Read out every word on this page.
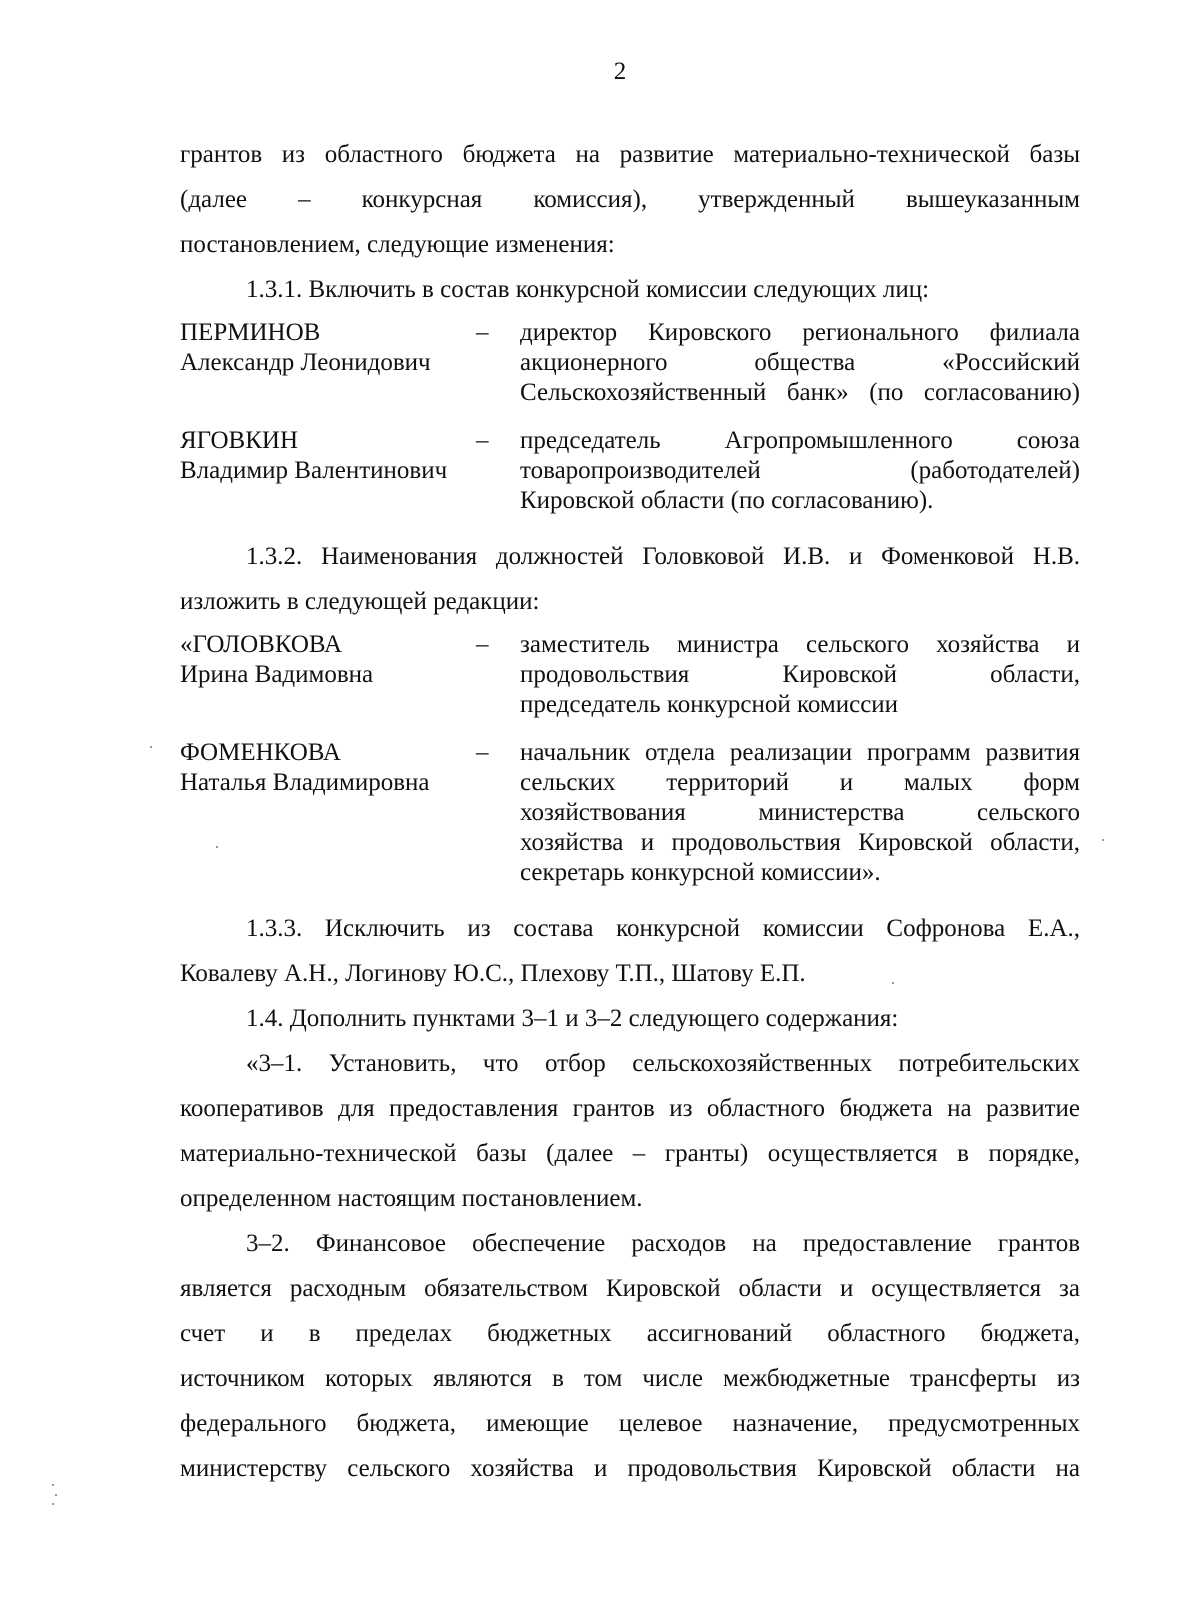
2
грантов из областного бюджета на развитие материально-технической базы
(далее – конкурсная комиссия), утвержденный вышеуказанным
постановлением, следующие изменения:
1.3.1. Включить в состав конкурсной комиссии следующих лиц:
ПЕРМИНОВ
Александр Леонидович
–	директор Кировского регионального филиала
акционерного общества «Российский
Сельскохозяйственный банк» (по согласованию)
ЯГОВКИН
Владимир Валентинович
–	председатель Агропромышленного союза
товаропроизводителей (работодателей)
Кировской области (по согласованию).
1.3.2. Наименования должностей Головковой И.В. и Фоменковой Н.В.
изложить в следующей редакции:
«ГОЛОВКОВА
Ирина Вадимовна
–	заместитель министра сельского хозяйства и
продовольствия Кировской области,
председатель конкурсной комиссии
ФОМЕНКОВА
Наталья Владимировна
–	начальник отдела реализации программ развития
сельских территорий и малых форм
хозяйствования министерства сельского
хозяйства и продовольствия Кировской области,
секретарь конкурсной комиссии».
1.3.3. Исключить из состава конкурсной комиссии Софронова Е.А.,
Ковалеву А.Н., Логинову Ю.С., Плехову Т.П., Шатову Е.П.
1.4. Дополнить пунктами 3–1 и 3–2 следующего содержания:
«3–1. Установить, что отбор сельскохозяйственных потребительских
кооперативов для предоставления грантов из областного бюджета на развитие
материально-технической базы (далее – гранты) осуществляется в порядке,
определенном настоящим постановлением.
3–2. Финансовое обеспечение расходов на предоставление грантов
является расходным обязательством Кировской области и осуществляется за
счет и в пределах бюджетных ассигнований областного бюджета,
источником которых являются в том числе межбюджетные трансферты из
федерального бюджета, имеющие целевое назначение, предусмотренных
министерству сельского хозяйства и продовольствия Кировской области на
